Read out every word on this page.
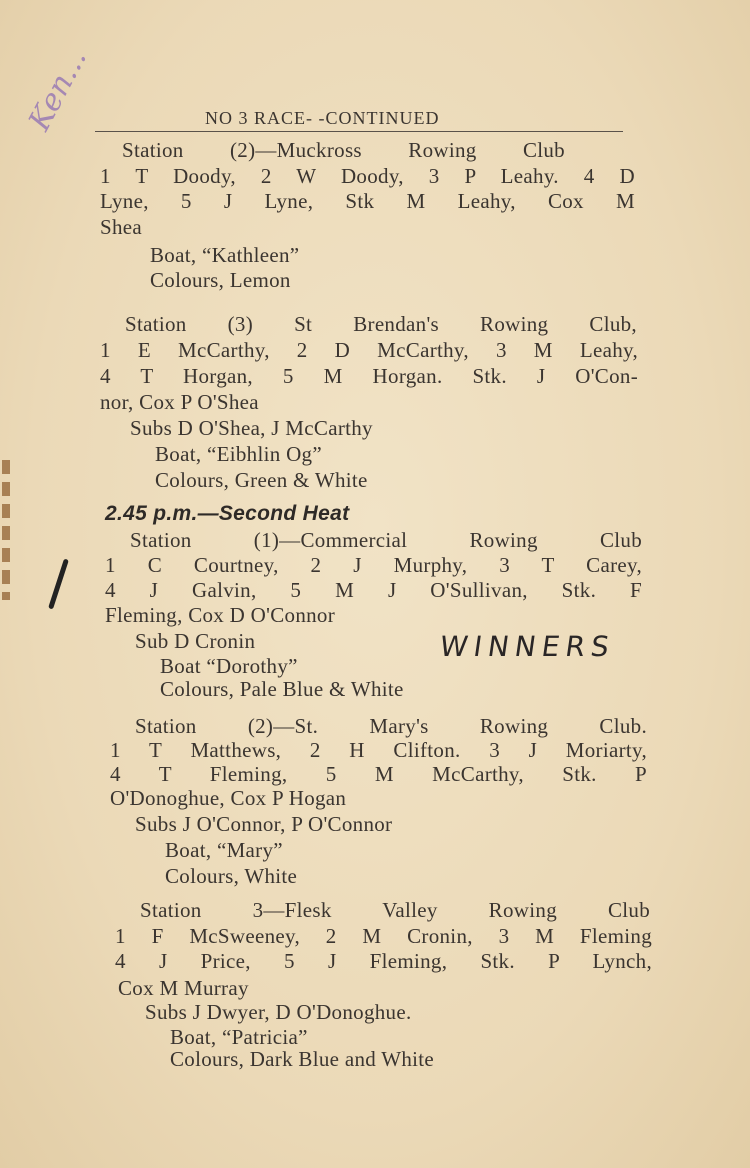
Ken...	NO 3 RACE- -CONTINUED
Station (2)—Muckross Rowing Club
1 T Doody, 2 W Doody, 3 P Leahy. 4 D
Lyne, 5 J Lyne, Stk M Leahy, Cox M
Shea
Boat, “Kathleen”
Colours, Lemon
Station (3) St Brendan's Rowing Club,
1 E McCarthy, 2 D McCarthy, 3 M Leahy,
4 T Horgan, 5 M Horgan. Stk. J O'Con-
nor, Cox P O'Shea
Subs D O'Shea, J McCarthy
Boat, “Eibhlin Og”
Colours, Green & White
2.45 p.m.—Second Heat
Station (1)—Commercial Rowing Club
1 C Courtney, 2 J Murphy, 3 T Carey,
4 J Galvin, 5 M J O'Sullivan, Stk. F
Fleming, Cox D O'Connor
Sub D Cronin	WINNERS
Boat “Dorothy”
Colours, Pale Blue & White
Station (2)—St. Mary's Rowing Club.
1 T Matthews, 2 H Clifton. 3 J Moriarty,
4 T Fleming, 5 M McCarthy, Stk. P
O'Donoghue, Cox P Hogan
Subs J O'Connor, P O'Connor
Boat, “Mary”
Colours, White
Station 3—Flesk Valley Rowing Club
1 F McSweeney, 2 M Cronin, 3 M Fleming
4 J Price, 5 J Fleming, Stk. P Lynch,
Cox M Murray
Subs J Dwyer, D O'Donoghue.
Boat, “Patricia”
Colours, Dark Blue and White
